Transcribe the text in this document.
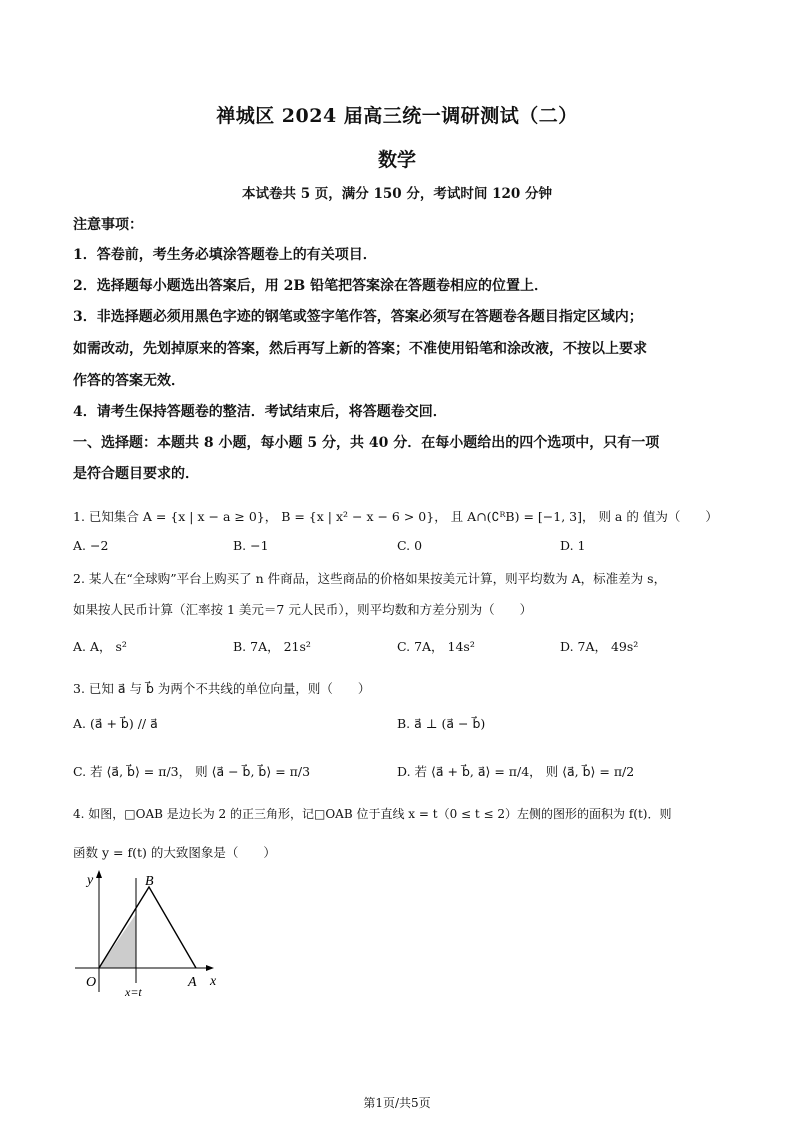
禅城区 2024 届高三统一调研测试（二）
数学
本试卷共 5 页，满分 150 分，考试时间 120 分钟
注意事项：
1．答卷前，考生务必填涂答题卷上的有关项目．
2．选择题每小题选出答案后，用 2B 铅笔把答案涂在答题卷相应的位置上．
3．非选择题必须用黑色字迹的钢笔或签字笔作答，答案必须写在答题卷各题目指定区域内；
如需改动，先划掉原来的答案，然后再写上新的答案；不准使用铅笔和涂改液，不按以上要求
作答的答案无效．
4．请考生保持答题卷的整洁．考试结束后，将答题卷交回．
一、选择题：本题共 8 小题，每小题 5 分，共 40 分．在每小题给出的四个选项中，只有一项
是符合题目要求的．
1. 已知集合 A = {x | x − a ≥ 0}， B = {x | x² − x − 6 > 0}， 且 A∩(∁ᴿB) = [−1, 3]， 则 a 的 值为（　　）
A. −2	B. −1	C. 0	D. 1
2. 某人在“全球购”平台上购买了 n 件商品，这些商品的价格如果按美元计算，则平均数为 A，标准差为 s，
如果按人民币计算（汇率按 1 美元＝7 元人民币），则平均数和方差分别为（　　）
A. A， s²	B. 7A， 21s²	C. 7A， 14s²	D. 7A， 49s²
3. 已知 a⃗ 与 b⃗ 为两个不共线的单位向量，则（　　）
A. (a⃗ + b⃗) // a⃗	B. a⃗ ⊥ (a⃗ − b⃗)
C. 若 ⟨a⃗, b⃗⟩ = π/3， 则 ⟨a⃗ − b⃗, b⃗⟩ = π/3	D. 若 ⟨a⃗ + b⃗, a⃗⟩ = π/4， 则 ⟨a⃗, b⃗⟩ = π/2
4. 如图，□OAB 是边长为 2 的正三角形，记□OAB 位于直线 x = t（0 ≤ t ≤ 2）左侧的图形的面积为 f(t)．则
函数 y = f(t) 的大致图象是（　　）
y
x
O	A
B
x=t
第1页/共5页
